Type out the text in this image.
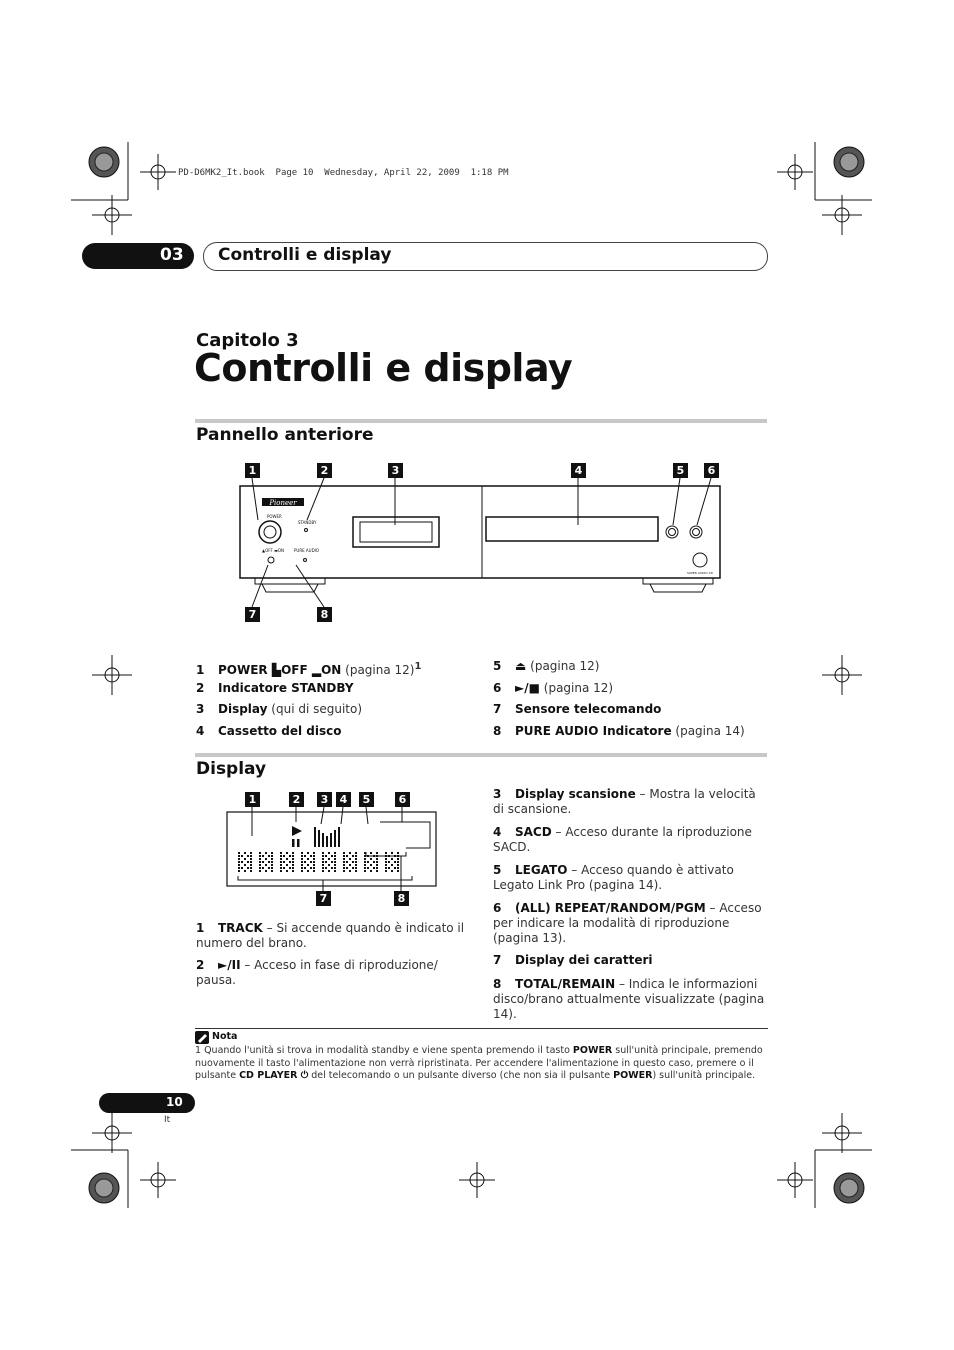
PD-D6MK2_It.book  Page 10  Wednesday, April 22, 2009  1:18 PM
03 Controlli e display
Capitolo 3
Controlli e display
Pannello anteriore
1	2	3	4	5	6
7	8
Pioneer
POWER
STANDBY
▲OFF ▬ON PURE AUDIO
SUPER AUDIO CD
1 POWER ▙OFF ▂ON (pagina 12)$^1$
2 Indicatore STANDBY
3 Display (qui di seguito)
4 Cassetto del disco
5 ⏏ (pagina 12)
6 ►/■ (pagina 12)
7 Sensore telecomando
8 PURE AUDIO Indicatore (pagina 14)
Display
1	2	3	4	5	6
7	8
1 TRACK – Si accende quando è indicato il numero del brano.
2 ►/II – Acceso in fase di riproduzione/ pausa.
3 Display scansione – Mostra la velocità di scansione.
4 SACD – Acceso durante la riproduzione SACD.
5 LEGATO – Acceso quando è attivato Legato Link Pro (pagina 14).
6 (ALL) REPEAT/RANDOM/PGM – Acceso per indicare la modalità di riproduzione (pagina 13).
7 Display dei caratteri
8 TOTAL/REMAIN – Indica le informazioni disco/brano attualmente visualizzate (pagina 14).
Nota
1 Quando l'unità si trova in modalità standby e viene spenta premendo il tasto POWER sull'unità principale, premendo nuovamente il tasto l'alimentazione non verrà ripristinata. Per accendere l'alimentazione in questo caso, premere o il pulsante CD PLAYER ⏻ del telecomando o un pulsante diverso (che non sia il pulsante POWER) sull'unità principale.
10
It
